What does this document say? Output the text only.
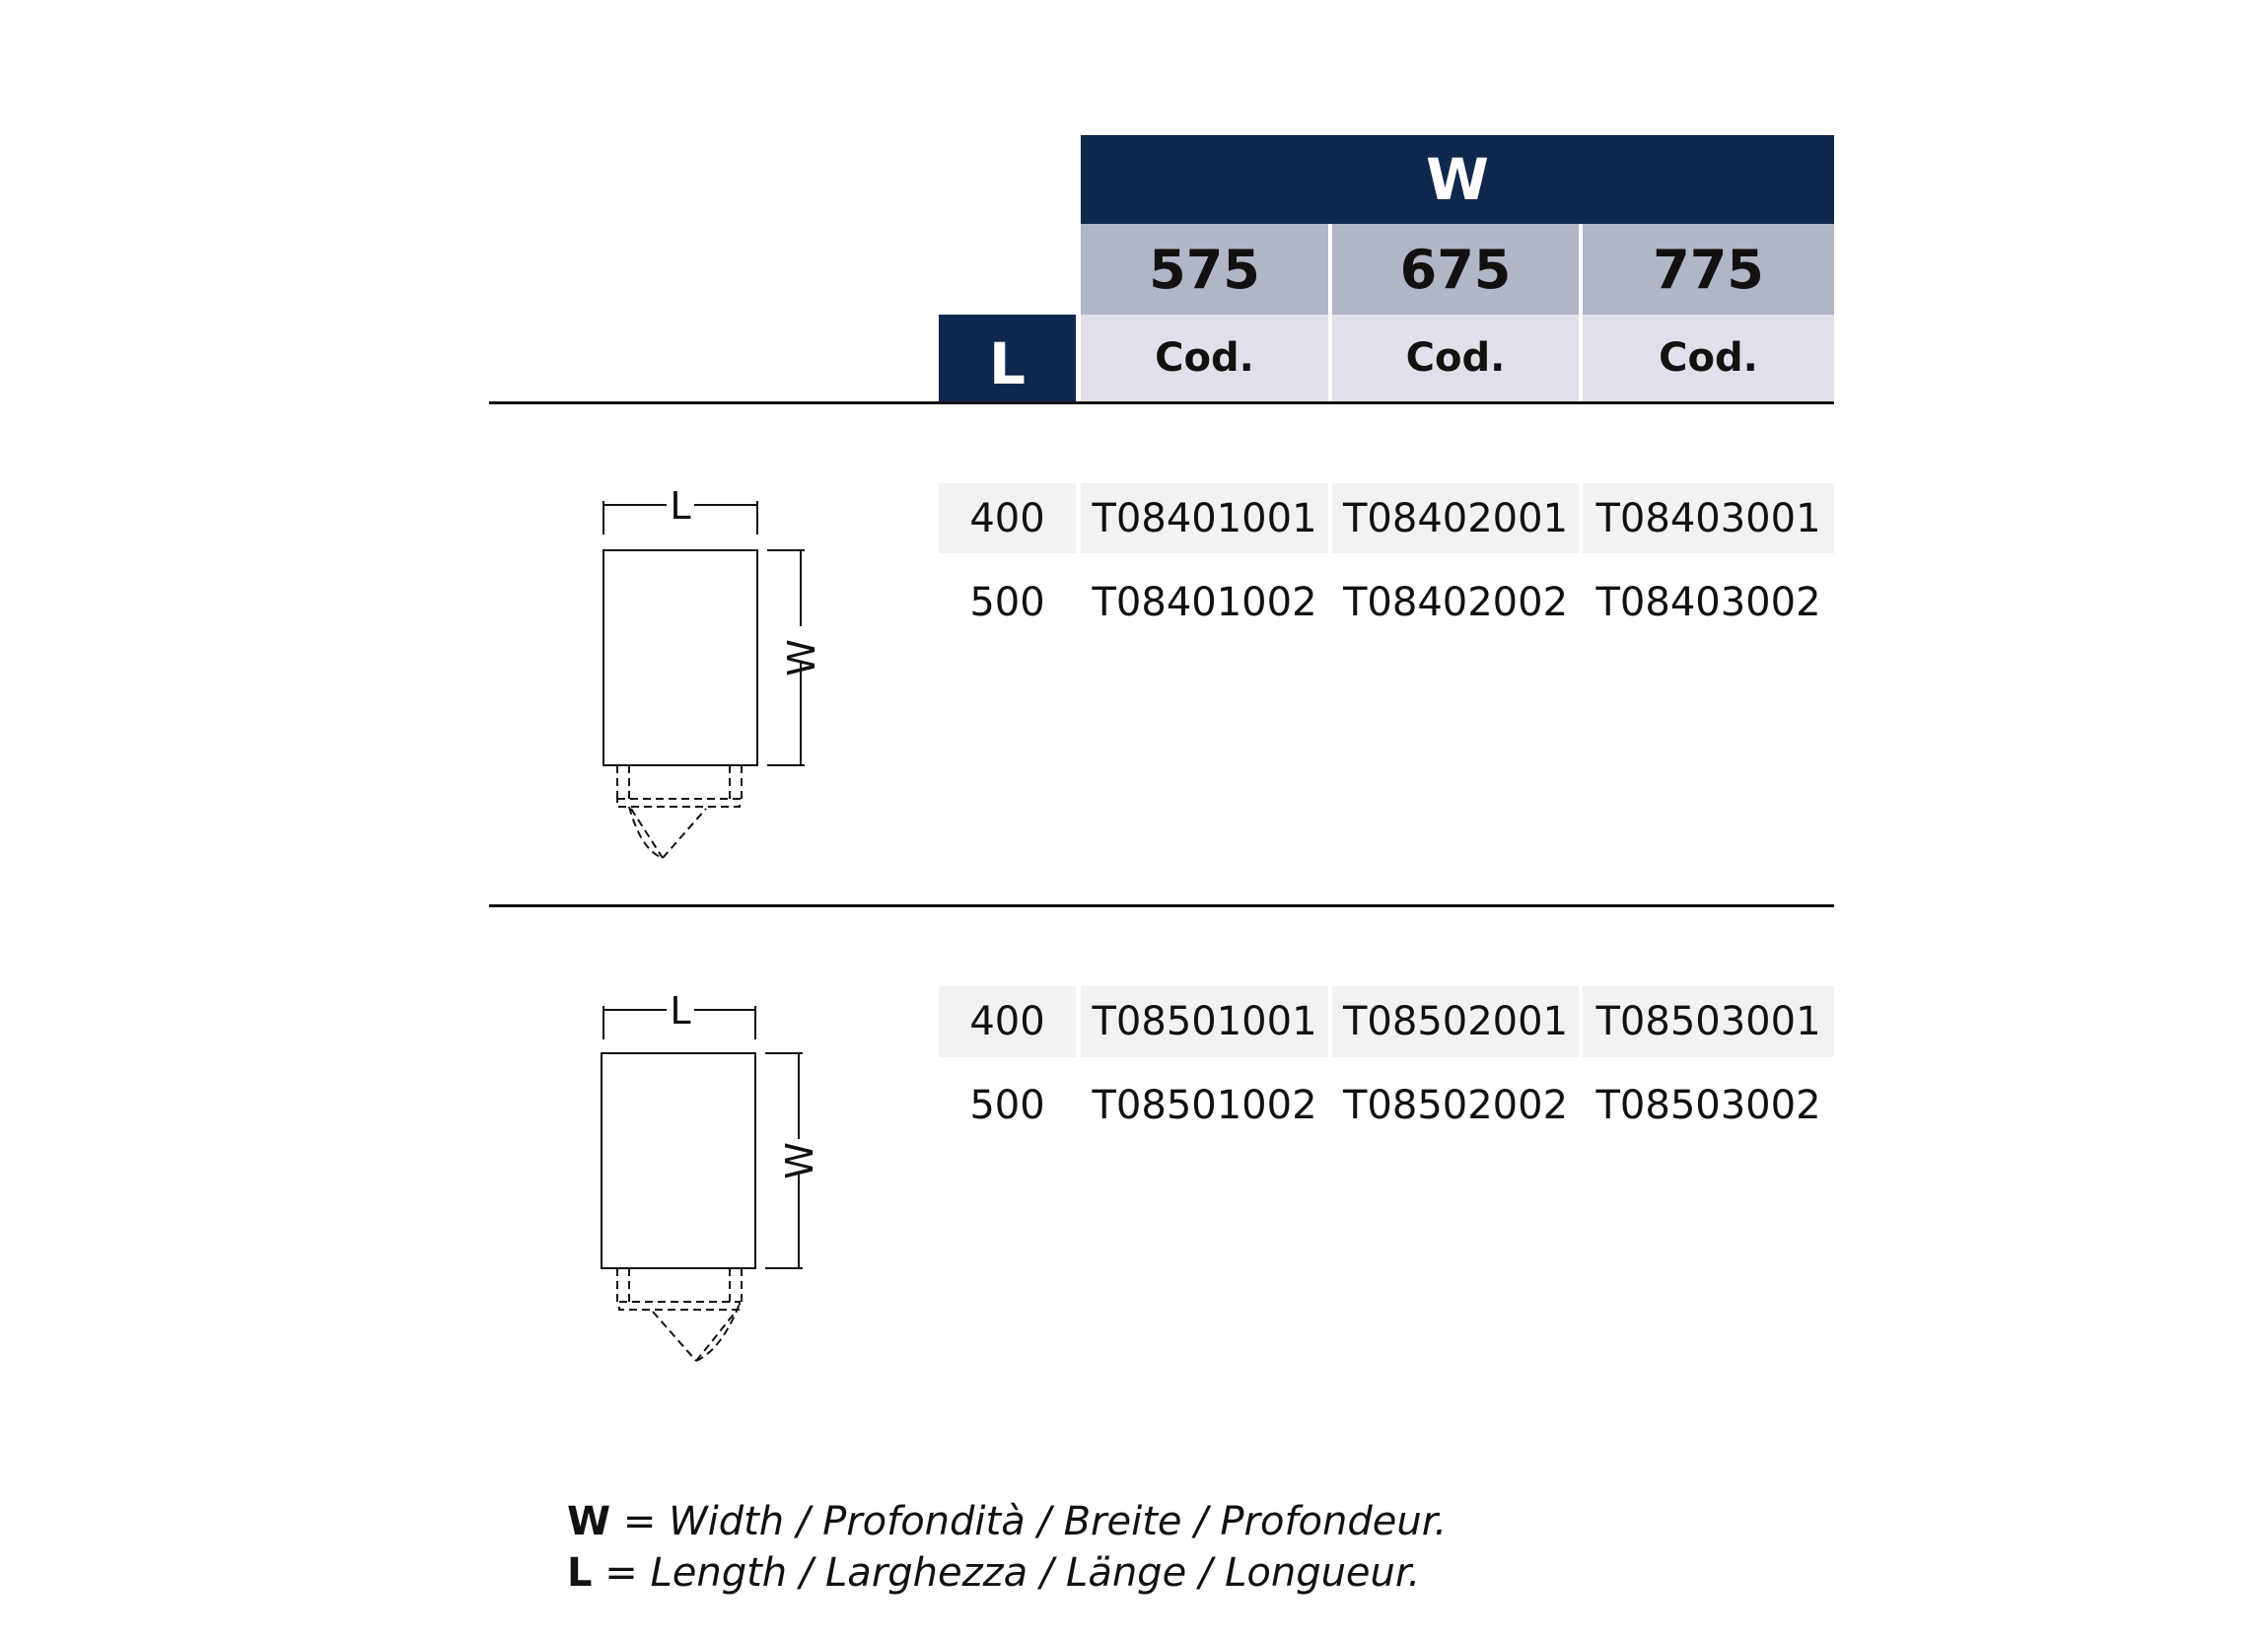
W
575	675	775
L	Cod.	Cod.	Cod.
L
W
400 T08401001 T08402001 T08403001
500 T08401002 T08402002 T08403002
L
W
400 T08501001 T08502001 T08503001
500 T08501002 T08502002 T08503002
W = Width / Profondità / Breite / Profondeur.
L = Length / Larghezza / Länge / Longueur.
